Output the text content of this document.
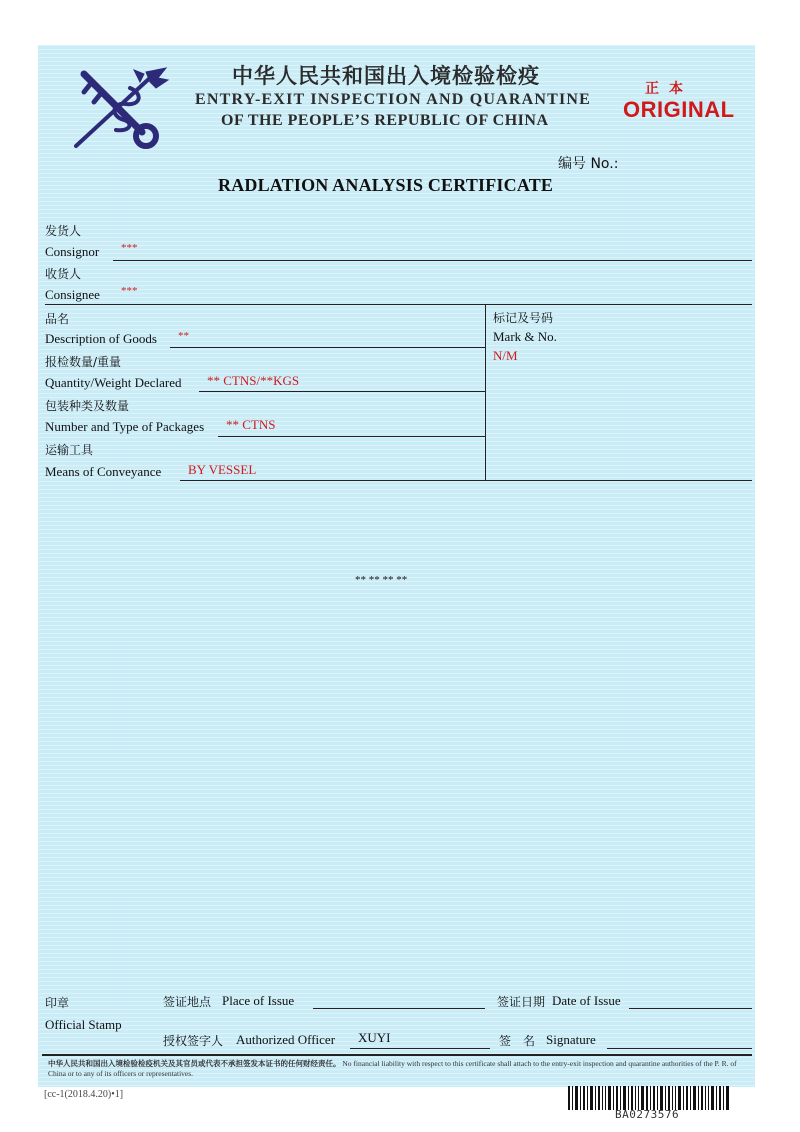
中华人民共和国出入境检验检疫
ENTRY-EXIT INSPECTION AND QUARANTINE
OF THE PEOPLE’S REPUBLIC OF CHINA
正本
ORIGINAL
编号 No.:
RADLATION ANALYSIS CERTIFICATE
发货人
Consignor ***
收货人
Consignee ***
品名
Description of Goods **
报检数量/重量
Quantity/Weight Declared ** CTNS/**KGS
包装种类及数量
Number and Type of Packages ** CTNS
运输工具
Means of Conveyance BY VESSEL
标记及号码
Mark & No.
N/M
** ** ** **
印章
Official Stamp
签证地点 Place of Issue	签证日期 Date of Issue
授权签字人 Authorized Officer XUYI	签　名 Signature
中华人民共和国出入境检验检疫机关及其官员或代表不承担签发本证书的任何财经责任。 No financial liability with respect to this certificate shall attach to the entry-exit inspection and quarantine authorities of the P. R. of China or to any of its officers or representatives.
[cc-1(2018.4.20)•1]
BA0273576
